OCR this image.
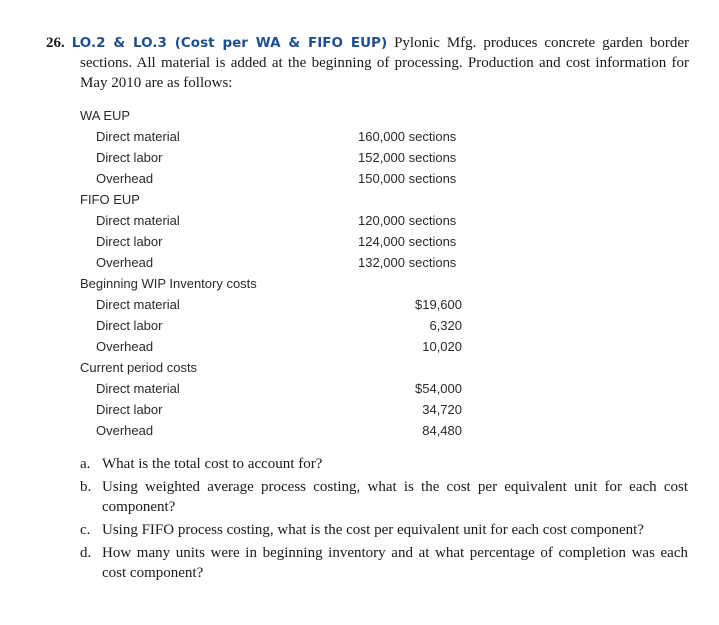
26. LO.2 & LO.3 (Cost per WA & FIFO EUP) Pylonic Mfg. produces concrete garden border sections. All material is added at the beginning of processing. Production and cost information for May 2010 are as follows:

WA EUP
Direct material	160,000 sections
Direct labor	152,000 sections
Overhead	150,000 sections
FIFO EUP
Direct material	120,000 sections
Direct labor	124,000 sections
Overhead	132,000 sections
Beginning WIP Inventory costs
Direct material	$19,600
Direct labor	6,320
Overhead	10,020
Current period costs
Direct material	$54,000
Direct labor	34,720
Overhead	84,480
a. What is the total cost to account for?
b. Using weighted average process costing, what is the cost per equivalent unit for each cost component?
c. Using FIFO process costing, what is the cost per equivalent unit for each cost component?
d. How many units were in beginning inventory and at what percentage of completion was each cost component?
